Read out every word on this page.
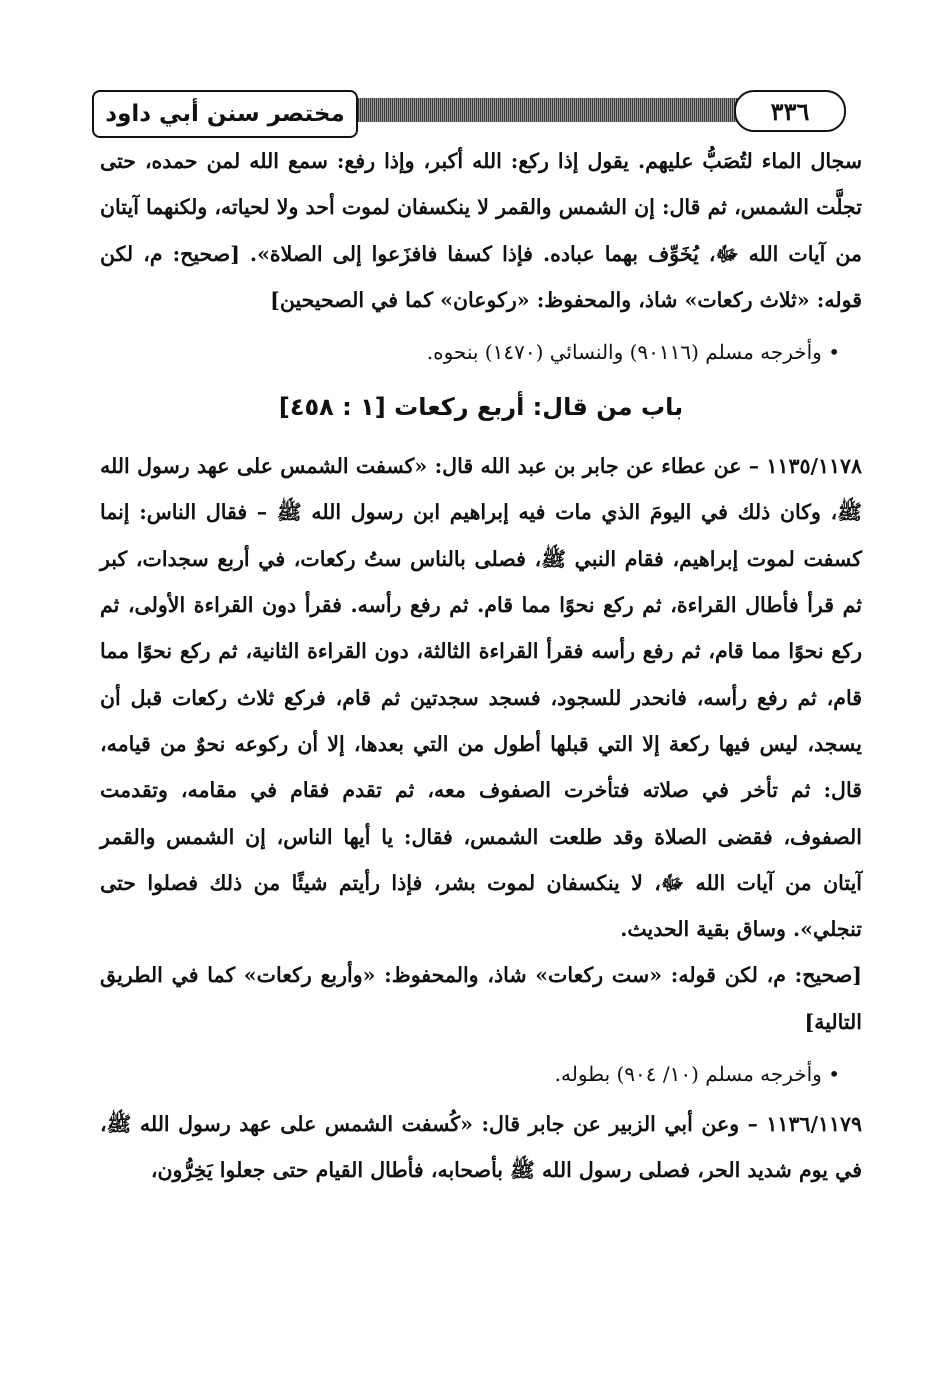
٣٣٦
مختصر سنن أبي داود

سجال الماء لتُصَبُّ عليهم. يقول إذا ركع: الله أكبر، وإذا رفع: سمع الله لمن حمده، حتى تجلَّت الشمس، ثم قال: إن الشمس والقمر لا ينكسفان لموت أحد ولا لحياته، ولكنهما آيتان من آيات الله ﷻ، يُخَوِّف بهما عباده. فإذا كسفا فافزَعوا إلى الصلاة». [صحيح: م، لكن قوله: «ثلاث ركعات» شاذ، والمحفوظ: «ركوعان» كما في الصحيحين]

• وأخرجه مسلم (٩٠١١٦) والنسائي (١٤٧٠) بنحوه.

باب من قال: أربع ركعات [١ : ٤٥٨]

١١٣٥/١١٧٨ – عن عطاء عن جابر بن عبد الله قال: «كسفت الشمس على عهد رسول الله ﷺ، وكان ذلك في اليومَ الذي مات فيه إبراهيم ابن رسول الله ﷺ – فقال الناس: إنما كسفت لموت إبراهيم، فقام النبي ﷺ، فصلى بالناس ستُ ركعات، في أربع سجدات، كبر ثم قرأ فأطال القراءة، ثم ركع نحوًا مما قام. ثم رفع رأسه. فقرأ دون القراءة الأولى، ثم ركع نحوًا مما قام، ثم رفع رأسه فقرأ القراءة الثالثة، دون القراءة الثانية، ثم ركع نحوًا مما قام، ثم رفع رأسه، فانحدر للسجود، فسجد سجدتين ثم قام، فركع ثلاث ركعات قبل أن يسجد، ليس فيها ركعة إلا التي قبلها أطول من التي بعدها، إلا أن ركوعه نحوٌ من قيامه، قال: ثم تأخر في صلاته فتأخرت الصفوف معه، ثم تقدم فقام في مقامه، وتقدمت الصفوف، فقضى الصلاة وقد طلعت الشمس، فقال: يا أيها الناس، إن الشمس والقمر آيتان من آيات الله ﷻ، لا ينكسفان لموت بشر، فإذا رأيتم شيئًا من ذلك فصلوا حتى تنجلي». وساق بقية الحديث.

[صحيح: م، لكن قوله: «ست ركعات» شاذ، والمحفوظ: «وأربع ركعات» كما في الطريق التالية]

• وأخرجه مسلم (١٠/ ٩٠٤) بطوله.

١١٣٦/١١٧٩ – وعن أبي الزبير عن جابر قال: «كُسفت الشمس على عهد رسول الله ﷺ، في يوم شديد الحر، فصلى رسول الله ﷺ بأصحابه، فأطال القيام حتى جعلوا يَخِرُّون،
